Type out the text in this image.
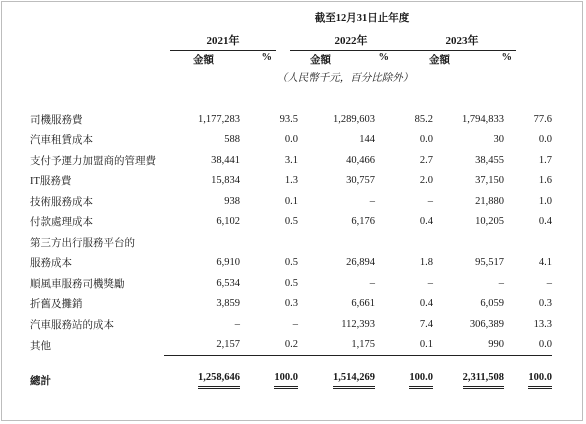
截至12月31日止年度
2021年	2022年	2023年
金額	%	金額	%	金額	%
（人民幣千元，百分比除外）
司機服務費	1,177,283	93.5	1,289,603	85.2	1,794,833	77.6
汽車租賃成本	588	0.0	144	0.0	30	0.0
支付予運力加盟商的管理費	38,441	3.1	40,466	2.7	38,455	1.7
IT服務費	15,834	1.3	30,757	2.0	37,150	1.6
技術服務成本	938	0.1	–	–	21,880	1.0
付款處理成本	6,102	0.5	6,176	0.4	10,205	0.4
第三方出行服務平台的						
服務成本	6,910	0.5	26,894	1.8	95,517	4.1
順風車服務司機獎勵	6,534	0.5	–	–	–	–
折舊及攤銷	3,859	0.3	6,661	0.4	6,059	0.3
汽車服務站的成本	–	–	112,393	7.4	306,389	13.3
其他	2,157	0.2	1,175	0.1	990	0.0

總計	1,258,646	100.0	1,514,269	100.0	2,311,508	100.0
